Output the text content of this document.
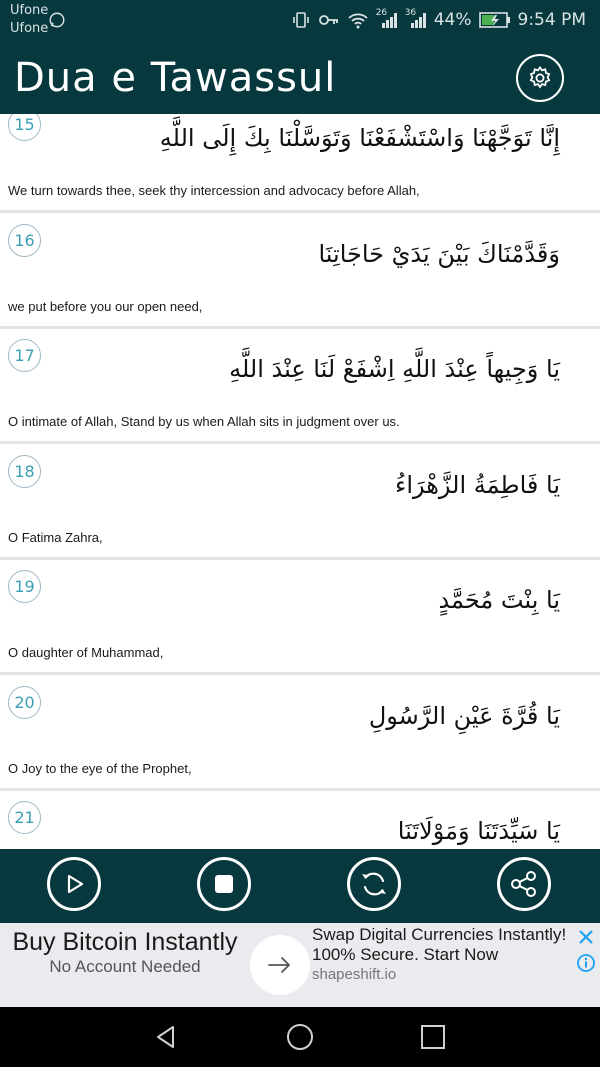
Ufone
Ufone
26 36 44%	9:54 PM
Dua e Tawassul
15	إِنَّا تَوَجَّهْنَا وَاسْتَشْفَعْنَا وَتَوَسَّلْنَا بِكَ إِلَى اللَّهِ
We turn towards thee, seek thy intercession and advocacy before Allah,
16	وَقَدَّمْنَاكَ بَيْنَ يَدَيْ حَاجَاتِنَا
we put before you our open need,
17	يَا وَجِيهاً عِنْدَ اللَّهِ اِشْفَعْ لَنَا عِنْدَ اللَّهِ
O intimate of Allah, Stand by us when Allah sits in judgment over us.
18	يَا فَاطِمَةُ الزَّهْرَاءُ
O Fatima Zahra,
19	يَا بِنْتَ مُحَمَّدٍ
O daughter of Muhammad,
20	يَا قُرَّةَ عَيْنِ الرَّسُولِ
O Joy to the eye of the Prophet,
21	يَا سَيِّدَتَنَا وَمَوْلَاتَنَا
Buy Bitcoin Instantly
No Account Needed
Swap Digital Currencies Instantly! 100% Secure. Start Now
shapeshift.io
